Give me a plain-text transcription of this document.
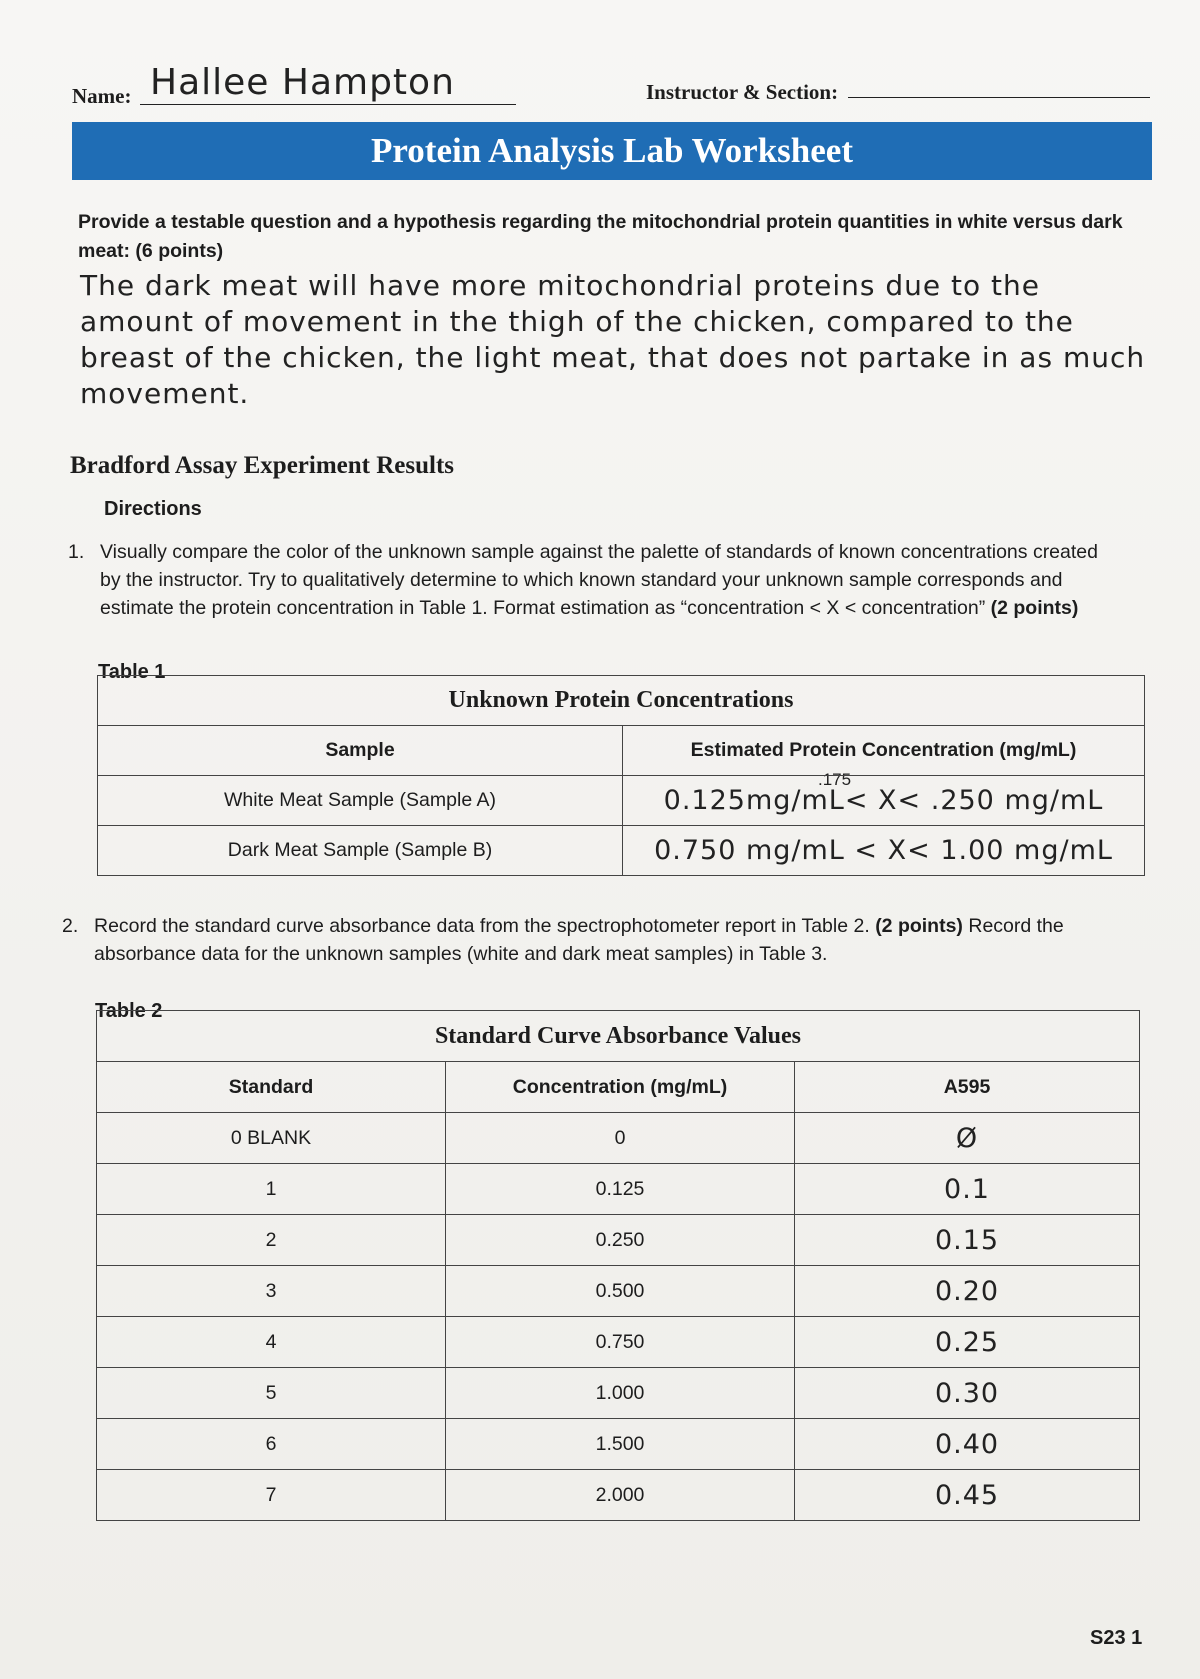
Name: Hallee Hampton	Instructor & Section:
Protein Analysis Lab Worksheet
Provide a testable question and a hypothesis regarding the mitochondrial protein quantities in white versus dark meat: (6 points)
The dark meat will have more mitochondrial proteins due to the
amount of movement in the thigh of the chicken, compared to the
breast of the chicken, the light meat, that does not partake in as much
movement.
Bradford Assay Experiment Results
Directions
1. Visually compare the color of the unknown sample against the palette of standards of known concentrations created
by the instructor. Try to qualitatively determine to which known standard your unknown sample corresponds and
estimate the protein concentration in Table 1. Format estimation as “concentration < X < concentration” (2 points)
Table 1
.175
Unknown Protein Concentrations	
Sample	Estimated Protein Concentration (mg/mL)
White Meat Sample (Sample A)	0.125mg/mL< X< .250 mg/mL
Dark Meat Sample (Sample B)	0.750 mg/mL < X< 1.00 mg/mL
2. Record the standard curve absorbance data from the spectrophotometer report in Table 2. (2 points) Record the
absorbance data for the unknown samples (white and dark meat samples) in Table 3.
Table 2
Standard Curve Absorbance Values		
Standard	Concentration (mg/mL)	A595
0 BLANK	0	Ø
1	0.125	0.1
2	0.250	0.15
3	0.500	0.20
4	0.750	0.25
5	1.000	0.30
6	1.500	0.40
7	2.000	0.45
S23 1
